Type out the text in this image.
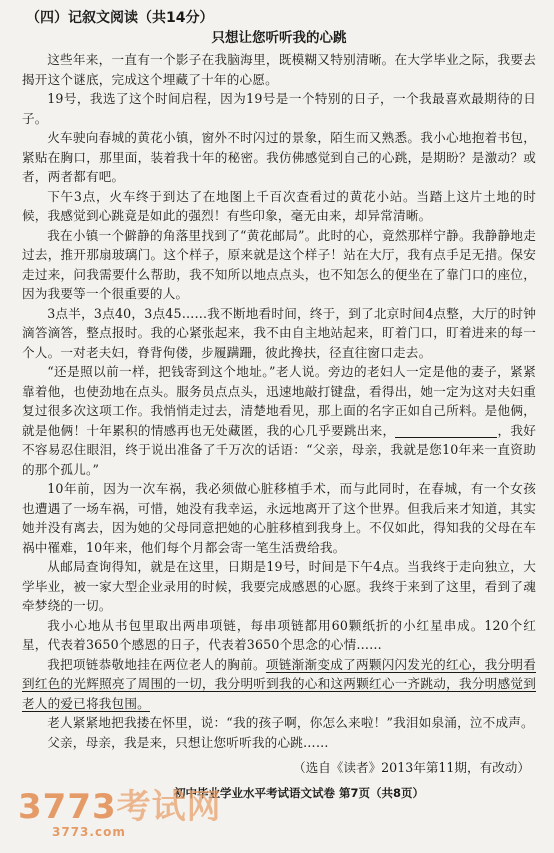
（四）记叙文阅读（共14分）
只想让您听听我的心跳

这些年来，一直有一个影子在我脑海里，既模糊又特别清晰。在大学毕业之际，我要去揭开这个谜底，完成这个埋藏了十年的心愿。

19号，我选了这个时间启程，因为19号是一个特别的日子，一个我最喜欢最期待的日子。

火车驶向春城的黄花小镇，窗外不时闪过的景象，陌生而又熟悉。我小心地抱着书包，紧贴在胸口，那里面，装着我十年的秘密。我仿佛感觉到自己的心跳，是期盼？是激动？或者，两者都有吧。

下午3点，火车终于到达了在地图上千百次查看过的黄花小站。当踏上这片土地的时候，我感觉到心跳竟是如此的强烈！有些印象，毫无由来，却异常清晰。

我在小镇一个僻静的角落里找到了“黄花邮局”。此时的心，竟然那样宁静。我静静地走过去，推开那扇玻璃门。这个样子，原来就是这个样子！站在大厅，我有点手足无措。保安走过来，问我需要什么帮助，我不知所以地点点头，也不知怎么的便坐在了靠门口的座位，因为我要等一个很重要的人。

3点半，3点40，3点45……我不断地看时间，终于，到了北京时间4点整，大厅的时钟滴答滴答，整点报时。我的心紧张起来，我不由自主地站起来，盯着门口，盯着进来的每一个人。一对老夫妇，脊背佝偻，步履蹒跚，彼此搀扶，径直往窗口走去。

“还是照以前一样，把钱寄到这个地址。”老人说。旁边的老妇人一定是他的妻子，紧紧靠着他，也使劲地在点头。服务员点点头，迅速地敲打键盘，看得出，她一定为这对夫妇重复过很多次这项工作。我悄悄走过去，清楚地看见，那上面的名字正如自己所料。是他俩，就是他俩！十年累积的情感再也无处藏匿，我的心几乎要跳出来，　　　　　　	，我好不容易忍住眼泪，终于说出准备了千万次的话语：“父亲，母亲，我就是您10年来一直资助的那个孤儿。”

10年前，因为一次车祸，我必须做心脏移植手术，而与此同时，在春城，有一个女孩也遭遇了一场车祸，可惜，她没有我幸运，永远地离开了这个世界。但我后来才知道，其实她并没有离去，因为她的父母同意把她的心脏移植到我身上。不仅如此，得知我的父母在车祸中罹难，10年来，他们每个月都会寄一笔生活费给我。

从邮局查询得知，就是在这里，日期是19号，时间是下午4点。当我终于走向独立，大学毕业，被一家大型企业录用的时候，我要完成感恩的心愿。我终于来到了这里，看到了魂牵梦绕的一切。

我小心地从书包里取出两串项链，每串项链都用60颗纸折的小红星串成。120个红星，代表着3650个感恩的日子，代表着3650个思念的心情……

我把项链恭敬地挂在两位老人的胸前。项链渐渐变成了两颗闪闪发光的红心，我分明看到红色的光辉照亮了周围的一切，我分明听到我的心和这两颗红心一齐跳动，我分明感觉到老人的爱已将我包围。

老人紧紧地把我搂在怀里，说：“我的孩子啊，你怎么来啦！”我泪如泉涌，泣不成声。

父亲，母亲，我是来，只想让您听听我的心跳……

（选自《读者》2013年第11期，有改动）
初中毕业学业水平考试语文试卷 第7页（共8页）
3773考试网
3773.com
